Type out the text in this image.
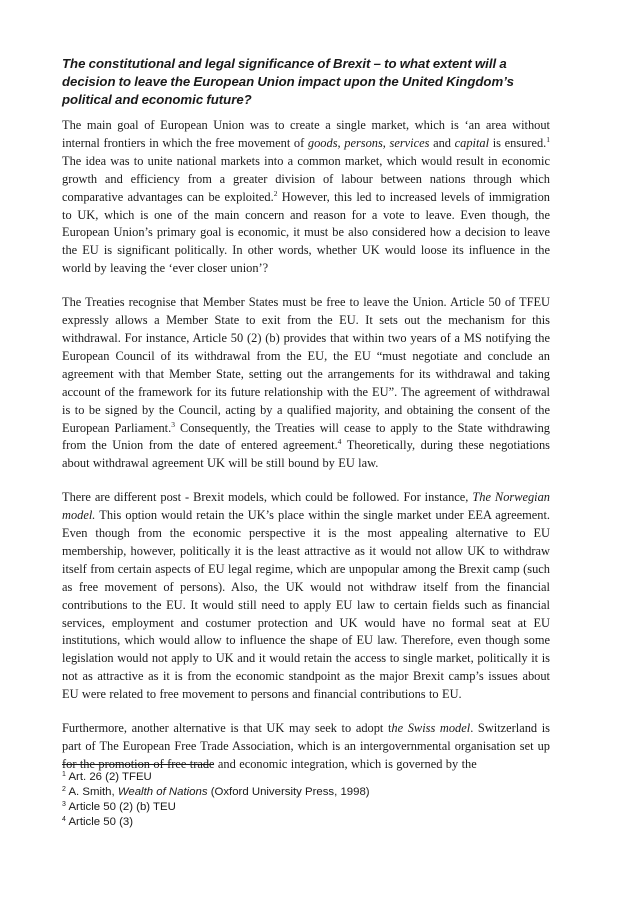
The constitutional and legal significance of Brexit – to what extent will a decision to leave the European Union impact upon the United Kingdom’s political and economic future?

The main goal of European Union was to create a single market, which is ‘an area without internal frontiers in which the free movement of goods, persons, services and capital is ensured.$^1$ The idea was to unite national markets into a common market, which would result in economic growth and efficiency from a greater division of labour between nations through which comparative advantages can be exploited.$^2$ However, this led to increased levels of immigration to UK, which is one of the main concern and reason for a vote to leave. Even though, the European Union’s primary goal is economic, it must be also considered how a decision to leave the EU is significant politically. In other words, whether UK would loose its influence in the world by leaving the ‘ever closer union’?

The Treaties recognise that Member States must be free to leave the Union. Article 50 of TFEU expressly allows a Member State to exit from the EU. It sets out the mechanism for this withdrawal. For instance, Article 50 (2) (b) provides that within two years of a MS notifying the European Council of its withdrawal from the EU, the EU “must negotiate and conclude an agreement with that Member State, setting out the arrangements for its withdrawal and taking account of the framework for its future relationship with the EU”. The agreement of withdrawal is to be signed by the Council, acting by a qualified majority, and obtaining the consent of the European Parliament.$^3$ Consequently, the Treaties will cease to apply to the State withdrawing from the Union from the date of entered agreement.$^4$ Theoretically, during these negotiations about withdrawal agreement UK will be still bound by EU law.

There are different post - Brexit models, which could be followed. For instance, The Norwegian model. This option would retain the UK’s place within the single market under EEA agreement. Even though from the economic perspective it is the most appealing alternative to EU membership, however, politically it is the least attractive as it would not allow UK to withdraw itself from certain aspects of EU legal regime, which are unpopular among the Brexit camp (such as free movement of persons). Also, the UK would not withdraw itself from the financial contributions to the EU. It would still need to apply EU law to certain fields such as financial services, employment and costumer protection and UK would have no formal seat at EU institutions, which would allow to influence the shape of EU law. Therefore, even though some legislation would not apply to UK and it would retain the access to single market, politically it is not as attractive as it is from the economic standpoint as the major Brexit camp’s issues about EU were related to free movement to persons and financial contributions to EU.

Furthermore, another alternative is that UK may seek to adopt the Swiss model. Switzerland is part of The European Free Trade Association, which is an intergovernmental organisation set up for the promotion of free trade and economic integration, which is governed by the

$^1$ Art. 26 (2) TFEU
$^2$ A. Smith, Wealth of Nations (Oxford University Press, 1998)
$^3$ Article 50 (2) (b) TEU
$^4$ Article 50 (3)
